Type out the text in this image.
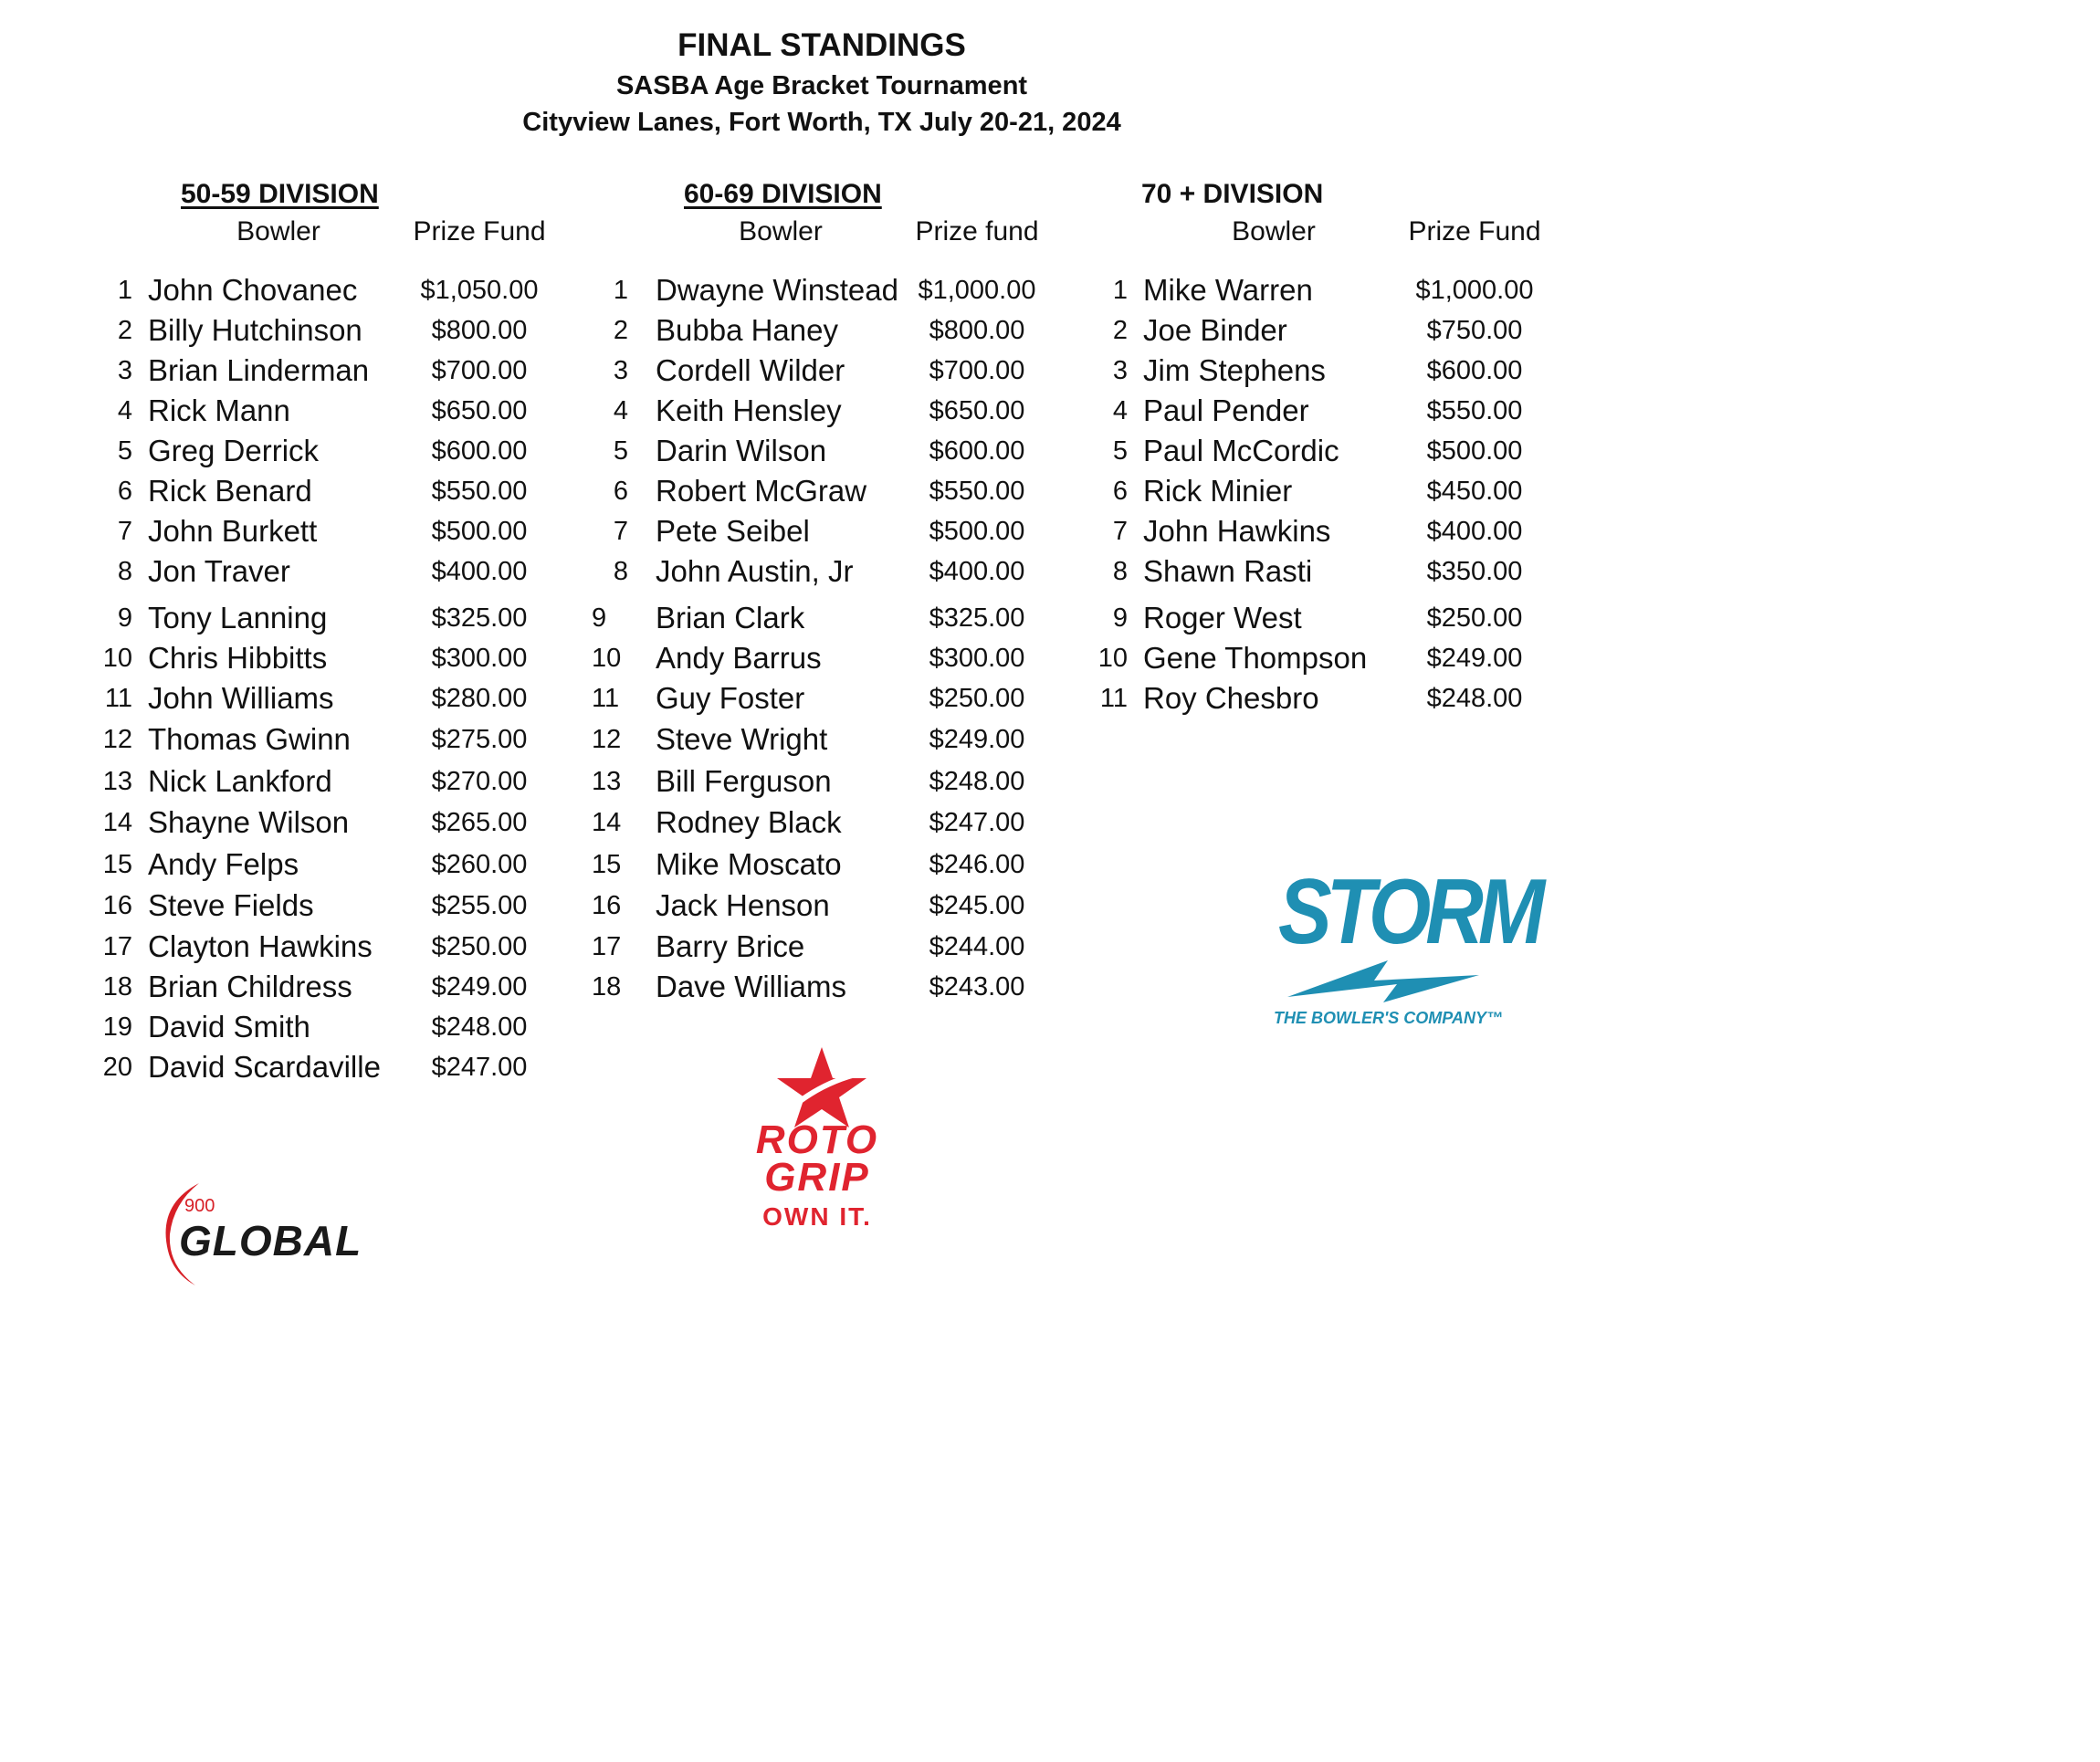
FINAL STANDINGS
SASBA Age Bracket Tournament
Cityview Lanes, Fort Worth, TX July 20-21, 2024
50-59 DIVISION
Bowler	Prize Fund
60-69 DIVISION
Bowler	Prize fund
70 + DIVISION
Bowler	Prize Fund
1 John Chovanec	$1,050.00
2 Billy Hutchinson	$800.00
3 Brian Linderman	$700.00
4 Rick Mann	$650.00
5 Greg Derrick	$600.00
6 Rick Benard	$550.00
7 John Burkett	$500.00
8 Jon Traver	$400.00
9 Tony Lanning	$325.00
10 Chris Hibbitts	$300.00
11 John Williams	$280.00
12 Thomas Gwinn	$275.00
13 Nick Lankford	$270.00
14 Shayne Wilson	$265.00
15 Andy Felps	$260.00
16 Steve Fields	$255.00
17 Clayton Hawkins	$250.00
18 Brian Childress	$249.00
19 David Smith	$248.00
20 David Scardaville	$247.00
1 Dwayne Winstead $1,000.00
2 Bubba Haney	$800.00
3 Cordell Wilder	$700.00
4 Keith Hensley	$650.00
5 Darin Wilson	$600.00
6 Robert McGraw	$550.00
7 Pete Seibel	$500.00
8 John Austin, Jr	$400.00
9	Brian Clark	$325.00
10 Andy Barrus	$300.00
11 Guy Foster	$250.00
12 Steve Wright	$249.00
13 Bill Ferguson	$248.00
14 Rodney Black	$247.00
15 Mike Moscato	$246.00
16 Jack Henson	$245.00
17 Barry Brice	$244.00
18 Dave Williams	$243.00
1 Mike Warren	$1,000.00
2 Joe Binder	$750.00
3 Jim Stephens	$600.00
4 Paul Pender	$550.00
5 Paul McCordic	$500.00
6 Rick Minier	$450.00
7 John Hawkins	$400.00
8 Shawn Rasti	$350.00
9 Roger West	$250.00
10 Gene Thompson	$249.00
11 Roy Chesbro	$248.00
STORM
THE BOWLER'S COMPANY™
ROTO
GRIP
OWN IT.
900
GLOBAL
